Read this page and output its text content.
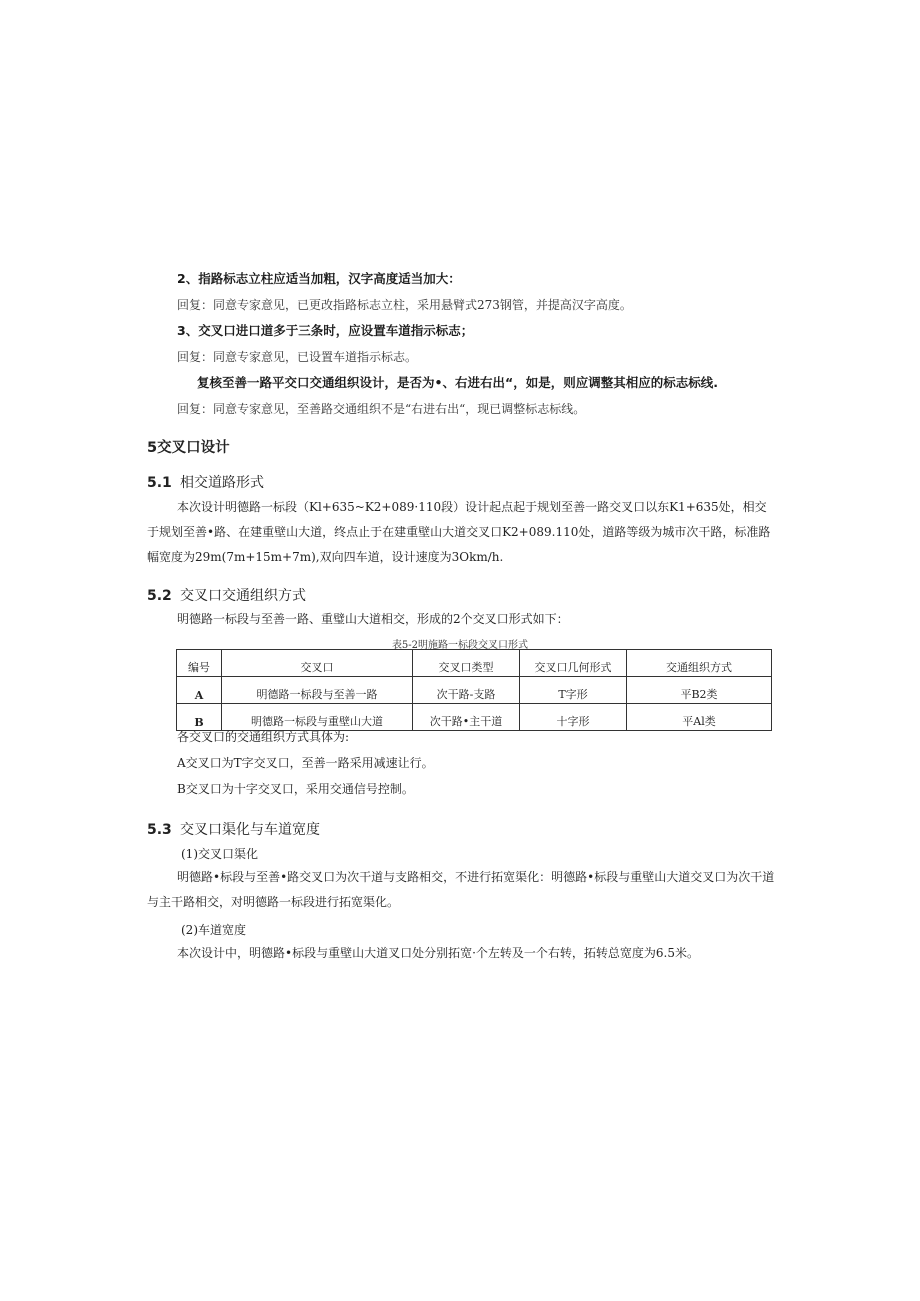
2、指路标志立柱应适当加粗，汉字高度适当加大：
回复：同意专家意见，已更改指路标志立柱，采用悬臂式273钢管，并提高汉字高度。
3、交叉口进口道多于三条时，应设置车道指示标志；
回复：同意专家意见，已设置车道指示标志。
复核至善一路平交口交通组织设计，是否为•、右进右出“，如是，则应调整其相应的标志标线.
回复：同意专家意见，至善路交通组织不是“右进右出“，现已调整标志标线。
5交叉口设计
5.1 相交道路形式
本次设计明德路一标段（Kl+635~K2+089·110段）设计起点起于规划至善一路交叉口以东K1+635处，相交于规划至善•路、在建重壁山大道，终点止于在建重壁山大道交叉口K2+089.110处，道路等级为城市次干路，标准路幅宽度为29m(7m+15m+7m),双向四车道，设计速度为3Okm∕h.
5.2 交叉口交通组织方式
明德路一标段与至善一路、重璧山大道相交，形成的2个交叉口形式如下：
表5-2明施路一标段交叉口形式
编号	交叉口	交叉口类型	交叉口几何形式	交通组织方式
A	明德路一标段与至善一路	次干路-支路	T字形	平B2类
B	明德路一标段与重壁山大道	次干路•主干道	十字形	平Al类
各交叉口的交通组织方式具体为:
A交叉口为T字交叉口，至善一路采用减速让行。
B交叉口为十字交叉口，采用交通信号控制。
5.3 交叉口渠化与车道宽度
(1)交叉口渠化
明德路•标段与至善•路交叉口为次干道与支路相交，不进行拓宽渠化：明德路•标段与重壁山大道交叉口为次干道与主干路相交，对明德路一标段进行拓宽渠化。
(2)车道宽度
本次设计中，明德路•标段与重壁山大道叉口处分别拓宽·个左转及一个右转，拓转总宽度为6.5米。
